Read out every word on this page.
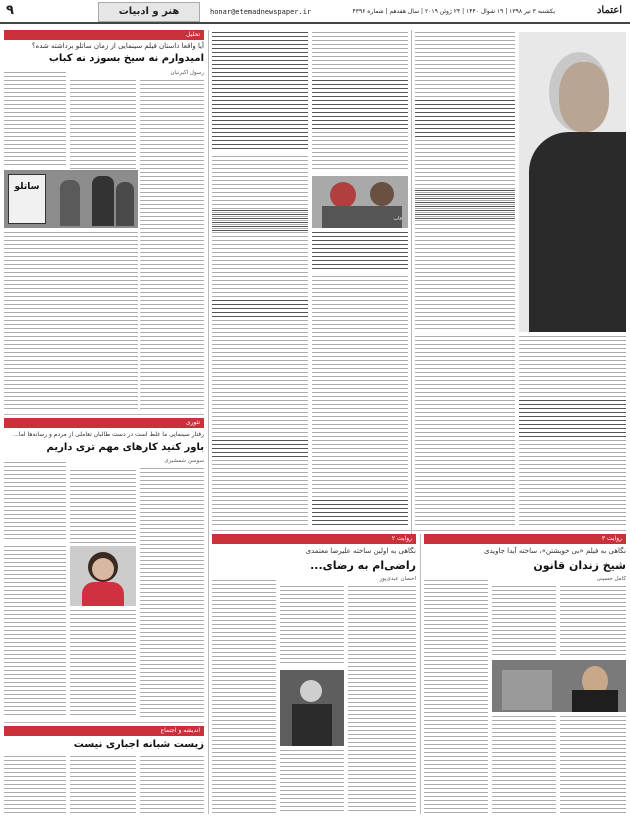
۹	هنر و ادبیات	honar@etemadnewspaper.ir	یکشنبه ۳ تیر ۱۳۹۸ | ۱۹ شوال ۱۴۴۰ | ۲۴ ژوئن ۲۰۱۹ | سال هفدهم | شماره ۴۳۹۶	اعتماد
تحلیل
آیا واقعا داستان فیلم سینمایی از زمان ساتلو برداشته شده؟
امیدوارم نه سیخ بسوزد نه کباب
رسول اکبرنیان
ساتلو
تئوری
رفتار سینمایی ما غلط است در دست طالبان تعاملی از مردم و رسانه‌ها اما...
باور کنید کارهای مهم تری داریم
سوسن شمشیری
اندیشه و اجتماع
زیست شبانه اجباری نیست
قاب
روایت ۲
نگاهی به اولین ساخته علیرضا معتمدی
راضی‌ام به رضای...
احسان عبدی‌پور
روایت ۳
نگاهی به فیلم «بی خویشتن»، ساخته آیدا جاویدی
شیخ زندان قانون
کامل حسینی
